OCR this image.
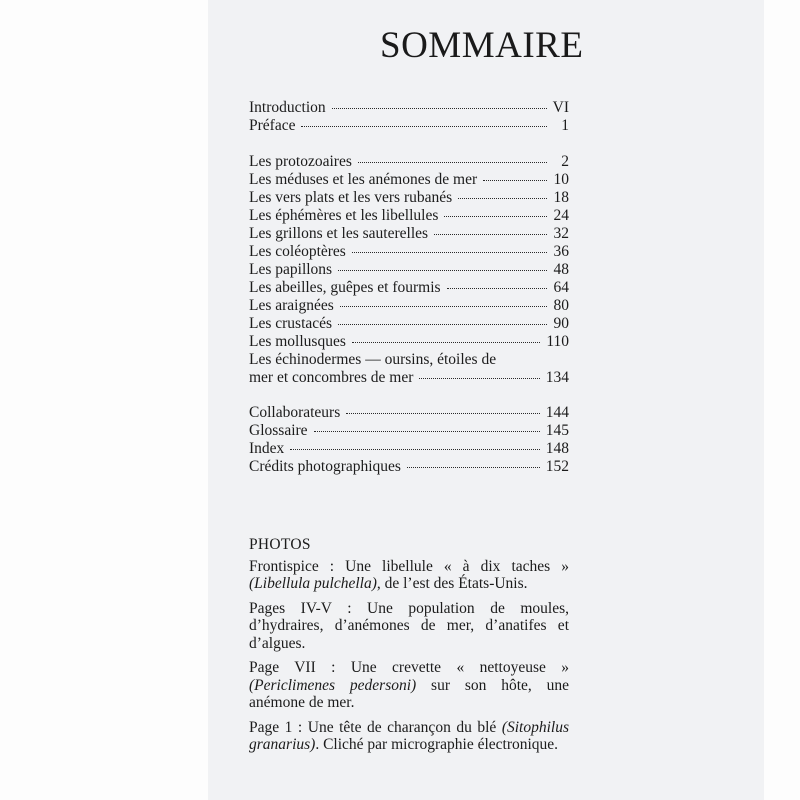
SOMMAIRE
Introduction	VI
Préface	1
Les protozoaires	2
Les méduses et les anémones de mer	10
Les vers plats et les vers rubanés	18
Les éphémères et les libellules	24
Les grillons et les sauterelles	32
Les coléoptères	36
Les papillons	48
Les abeilles, guêpes et fourmis	64
Les araignées	80
Les crustacés	90
Les mollusques	110
Les échinodermes — oursins, étoiles de
mer et concombres de mer	134
Collaborateurs	144
Glossaire	145
Index	148
Crédits photographiques	152
PHOTOS

Frontispice : Une libellule « à dix taches » (Libellula pulchella), de l’est des États-Unis.

Pages IV-V : Une population de moules, d’hydraires, d’anémones de mer, d’anatifes et d’algues.

Page VII : Une crevette « nettoyeuse » (Periclimenes pedersoni) sur son hôte, une anémone de mer.

Page 1 : Une tête de charançon du blé (Sitophilus granarius). Cliché par micrographie électronique.
